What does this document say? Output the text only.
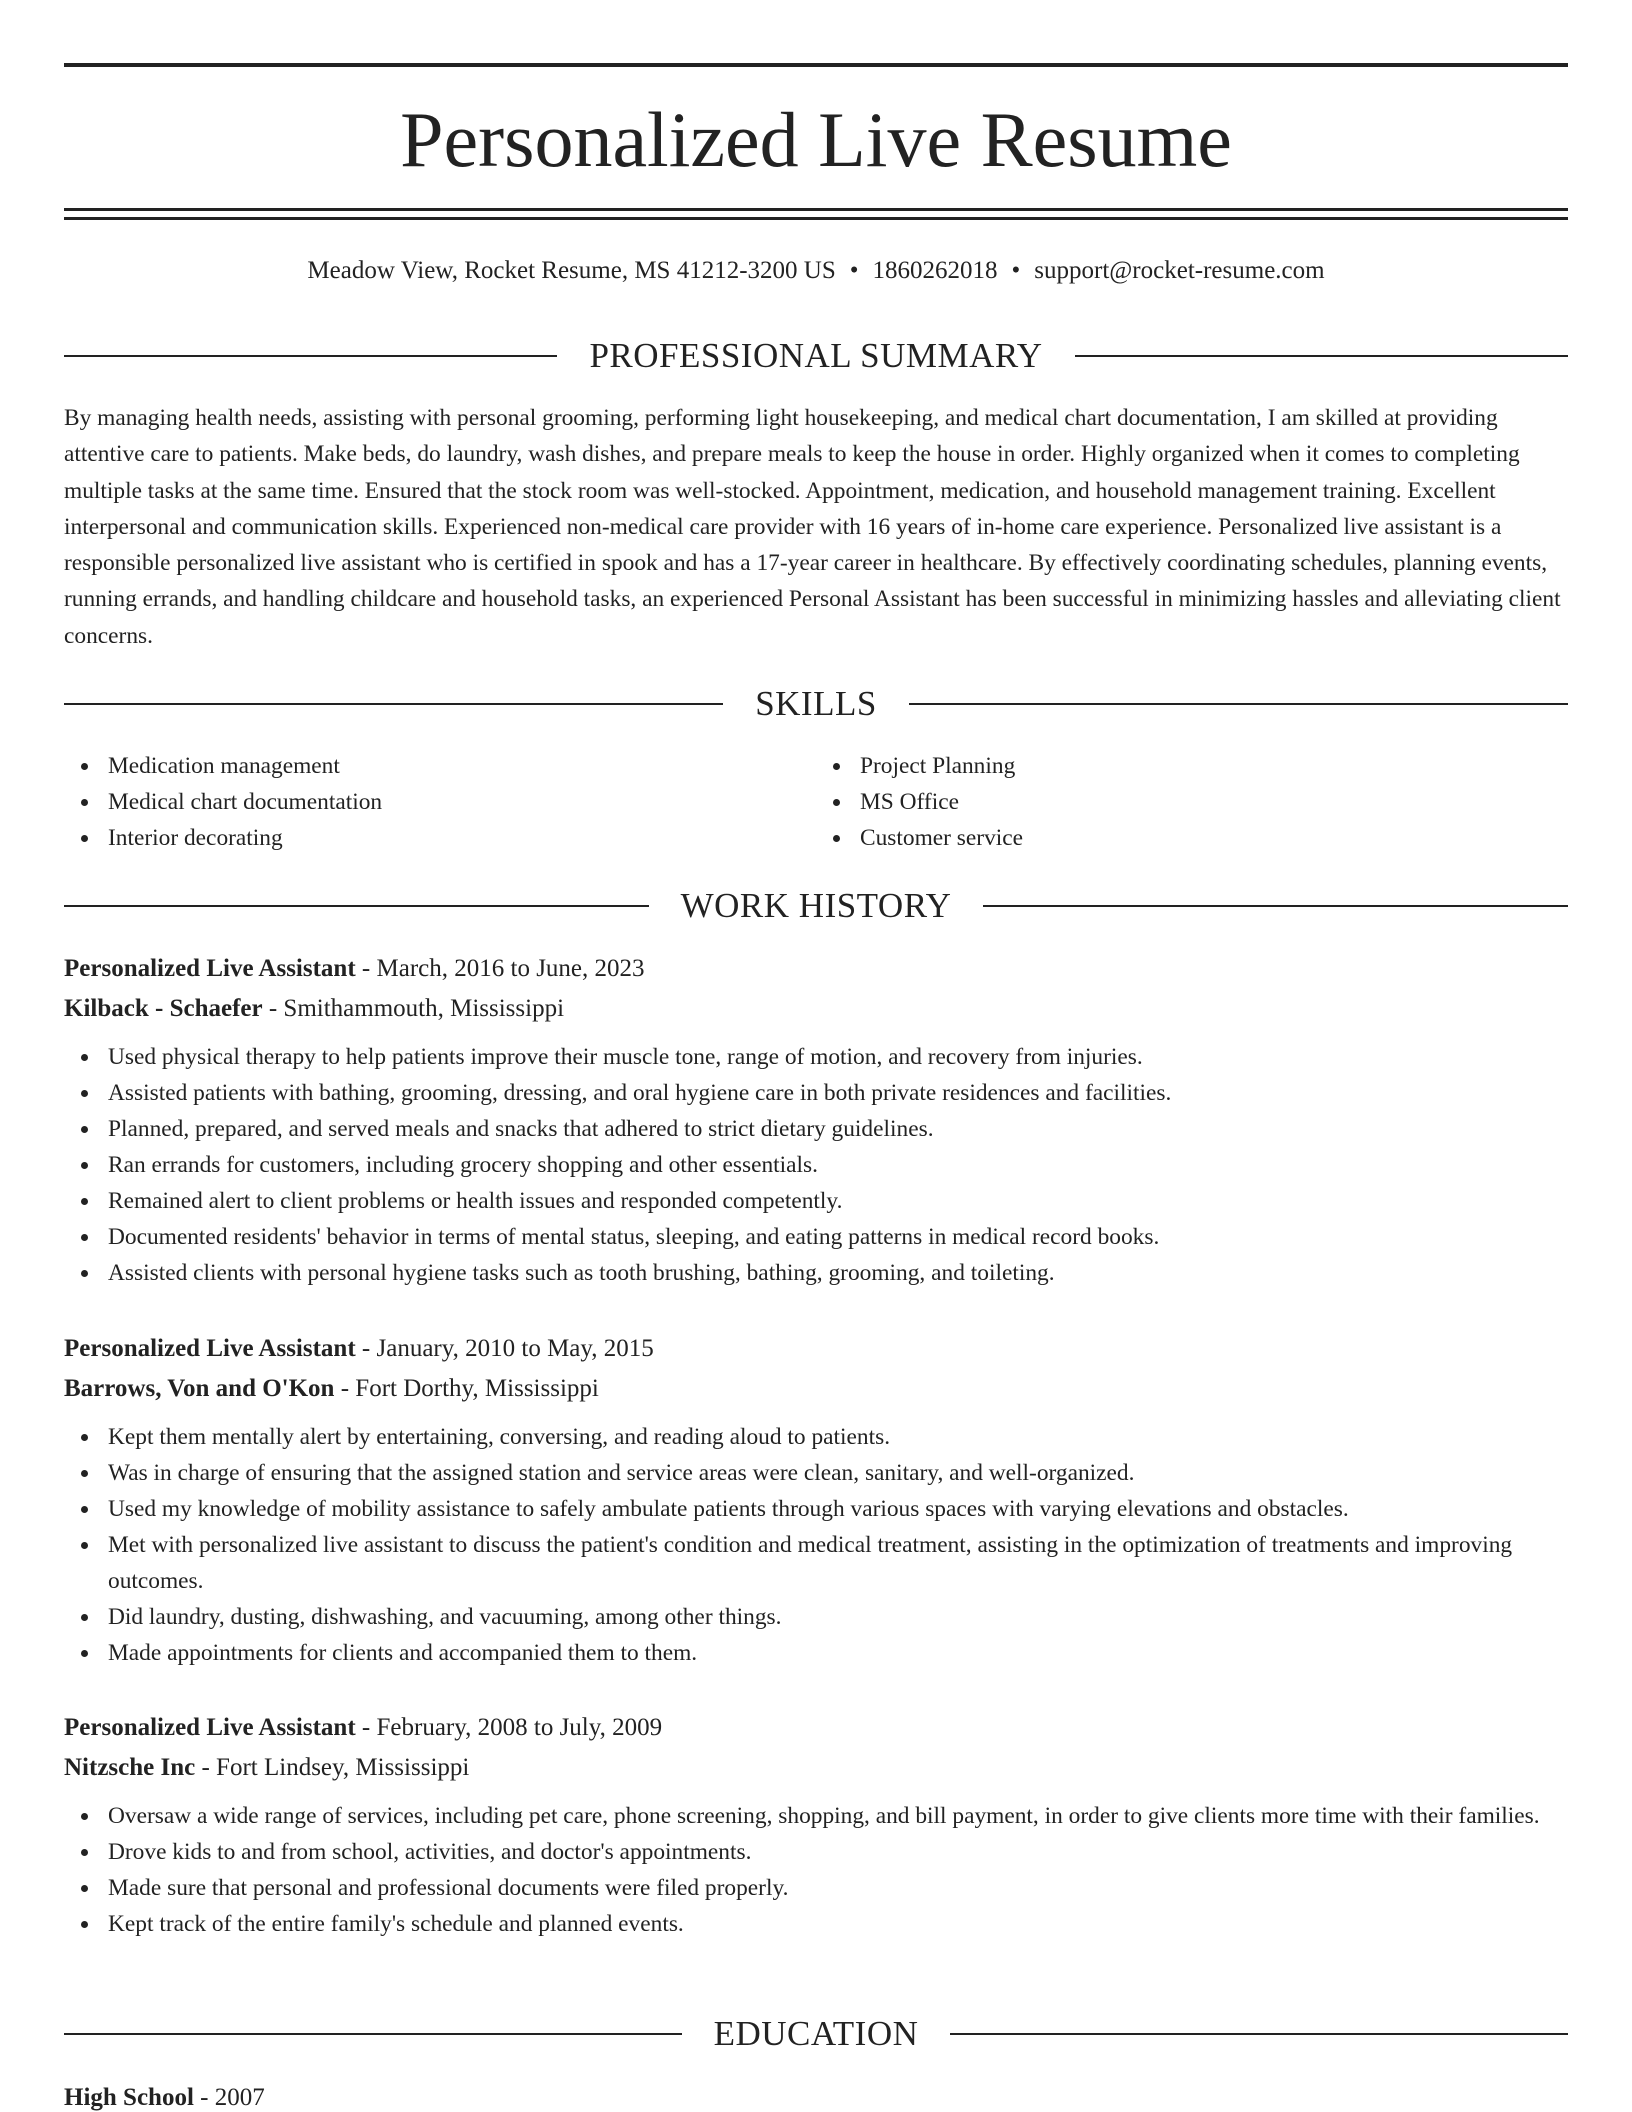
Personalized Live Resume
Meadow View, Rocket Resume, MS 41212-3200 US • 1860262018 • support@rocket-resume.com
PROFESSIONAL SUMMARY

By managing health needs, assisting with personal grooming, performing light housekeeping, and medical chart documentation, I am skilled at providing attentive care to patients. Make beds, do laundry, wash dishes, and prepare meals to keep the house in order. Highly organized when it comes to completing multiple tasks at the same time. Ensured that the stock room was well-stocked. Appointment, medication, and household management training. Excellent interpersonal and communication skills. Experienced non-medical care provider with 16 years of in-home care experience. Personalized live assistant is a responsible personalized live assistant who is certified in spook and has a 17-year career in healthcare. By effectively coordinating schedules, planning events, running errands, and handling childcare and household tasks, an experienced Personal Assistant has been successful in minimizing hassles and alleviating client concerns.

SKILLS
Medication management
Medical chart documentation
Interior decorating
Project Planning
MS Office
Customer service
WORK HISTORY
Personalized Live Assistant - March, 2016 to June, 2023
Kilback - Schaefer - Smithammouth, Mississippi
Used physical therapy to help patients improve their muscle tone, range of motion, and recovery from injuries.
Assisted patients with bathing, grooming, dressing, and oral hygiene care in both private residences and facilities.
Planned, prepared, and served meals and snacks that adhered to strict dietary guidelines.
Ran errands for customers, including grocery shopping and other essentials.
Remained alert to client problems or health issues and responded competently.
Documented residents' behavior in terms of mental status, sleeping, and eating patterns in medical record books.
Assisted clients with personal hygiene tasks such as tooth brushing, bathing, grooming, and toileting.
Personalized Live Assistant - January, 2010 to May, 2015
Barrows, Von and O'Kon - Fort Dorthy, Mississippi
Kept them mentally alert by entertaining, conversing, and reading aloud to patients.
Was in charge of ensuring that the assigned station and service areas were clean, sanitary, and well-organized.
Used my knowledge of mobility assistance to safely ambulate patients through various spaces with varying elevations and obstacles.
Met with personalized live assistant to discuss the patient's condition and medical treatment, assisting in the optimization of treatments and improving outcomes.
Did laundry, dusting, dishwashing, and vacuuming, among other things.
Made appointments for clients and accompanied them to them.
Personalized Live Assistant - February, 2008 to July, 2009
Nitzsche Inc - Fort Lindsey, Mississippi
Oversaw a wide range of services, including pet care, phone screening, shopping, and bill payment, in order to give clients more time with their families.
Drove kids to and from school, activities, and doctor's appointments.
Made sure that personal and professional documents were filed properly.
Kept track of the entire family's schedule and planned events.
EDUCATION
High School - 2007
